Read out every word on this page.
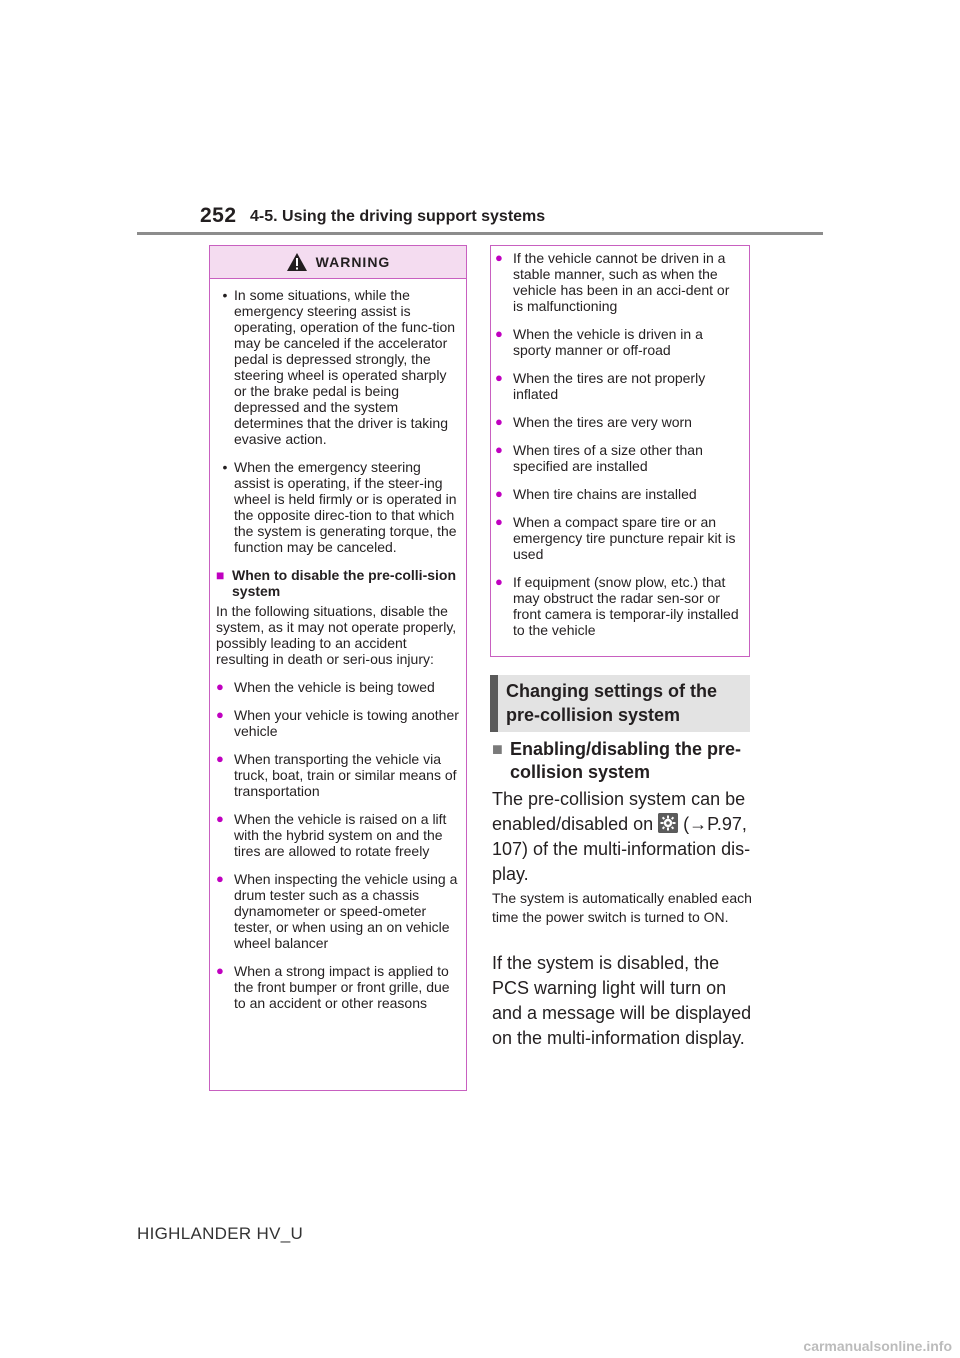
252 4-5. Using the driving support systems
WARNING
• In some situations, while the emergency steering assist is operating, operation of the func-tion may be canceled if the accelerator pedal is depressed strongly, the steering wheel is operated sharply or the brake pedal is being depressed and the system determines that the driver is taking evasive action.
• When the emergency steering assist is operating, if the steer-ing wheel is held firmly or is operated in the opposite direc-tion to that which the system is generating torque, the function may be canceled.
■ When to disable the pre-colli-sion system

In the following situations, disable the system, as it may not operate properly, possibly leading to an accident resulting in death or seri-ous injury:

● When the vehicle is being towed
● When your vehicle is towing another vehicle
● When transporting the vehicle via truck, boat, train or similar means of transportation
● When the vehicle is raised on a lift with the hybrid system on and the tires are allowed to rotate freely
● When inspecting the vehicle using a drum tester such as a chassis dynamometer or speed-ometer tester, or when using an on vehicle wheel balancer
● When a strong impact is applied to the front bumper or front grille, due to an accident or other reasons
● If the vehicle cannot be driven in a stable manner, such as when the vehicle has been in an acci-dent or is malfunctioning
● When the vehicle is driven in a sporty manner or off-road
● When the tires are not properly inflated
● When the tires are very worn
● When tires of a size other than specified are installed
● When tire chains are installed
● When a compact spare tire or an emergency tire puncture repair kit is used
● If equipment (snow plow, etc.) that may obstruct the radar sen-sor or front camera is temporar-ily installed to the vehicle
Changing settings of the pre-collision system
■ Enabling/disabling the pre-collision system

The pre-collision system can be enabled/disabled on (→P.97, 107) of the multi-information dis-play.

The system is automatically enabled each time the power switch is turned to ON.

If the system is disabled, the PCS warning light will turn on and a message will be displayed on the multi-information display.

HIGHLANDER HV_U
carmanualsonline.info
